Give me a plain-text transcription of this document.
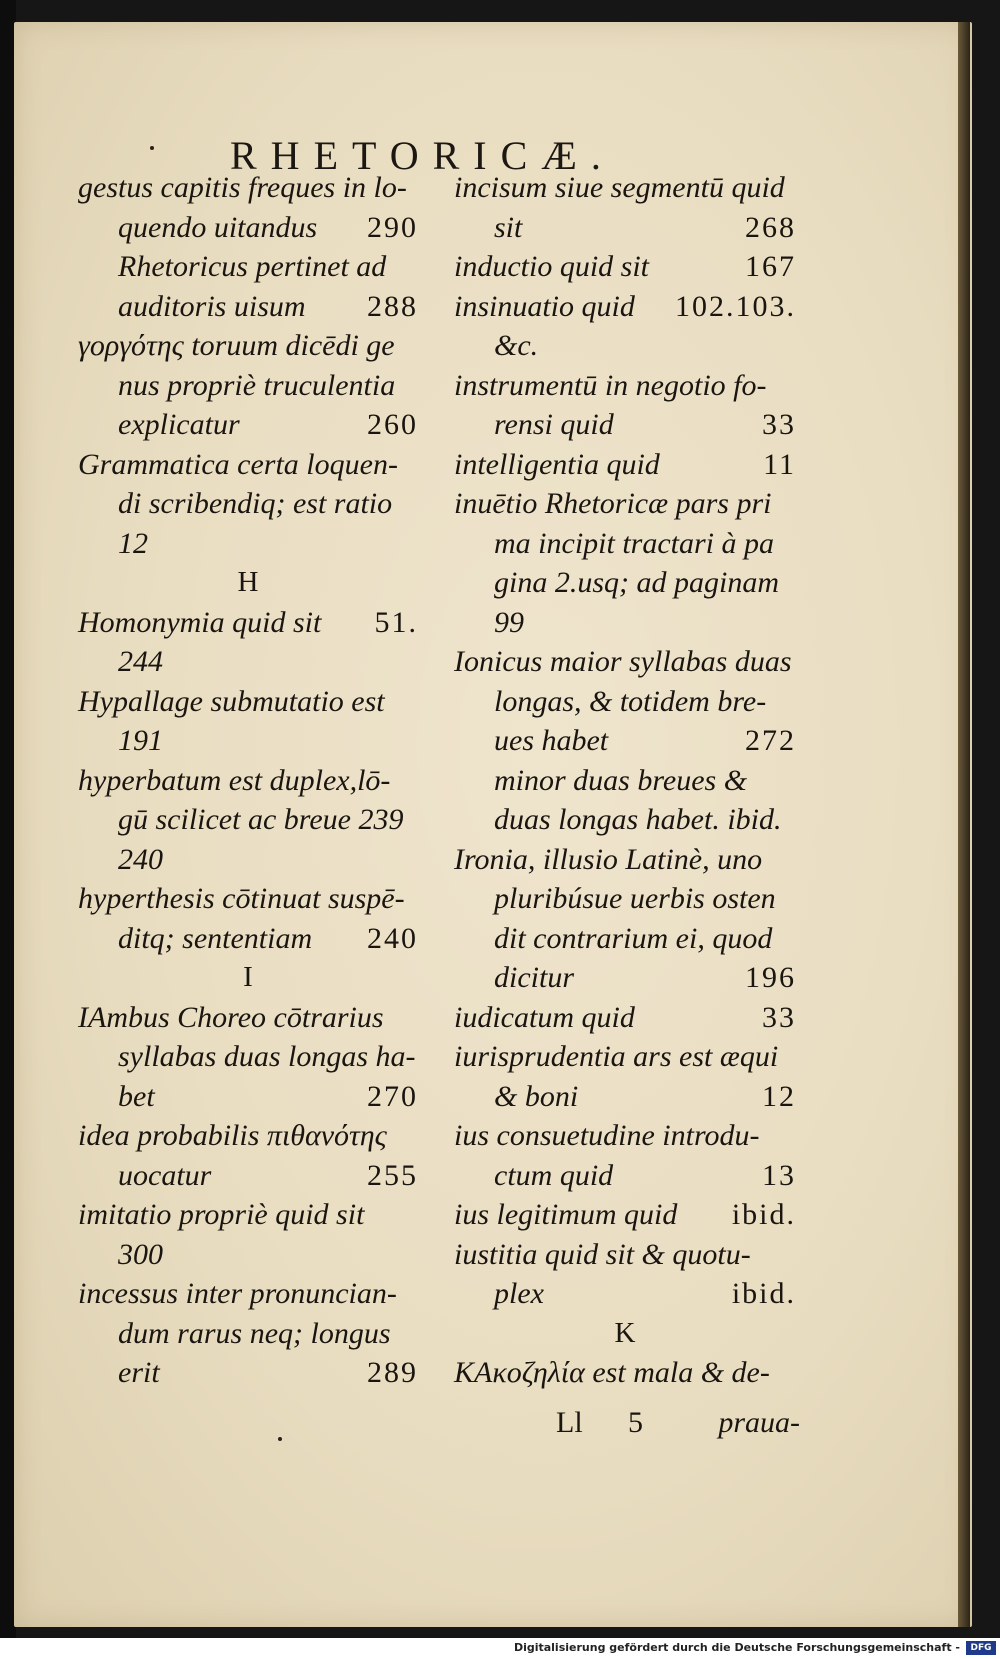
RHETORICÆ.
gestus capitis freques in lo-
quendo uitandus 290
Rhetoricus pertinet ad
auditoris uisum 288
γοργότης toruum dicēdi ge
nus propriè truculentia
explicatur	260
Grammatica certa loquen-
di scribendiq; est ratio
12
H
Homonymia quid sit 51.
244
Hypallage submutatio est
191
hyperbatum est duplex,lō-
gū scilicet ac breue 239
240
hyperthesis cōtinuat suspē-
ditq; sententiam 240
I
IAmbus Choreo cōtrarius
syllabas duas longas ha-
bet	270
idea probabilis πιθανότης
uocatur	255
imitatio propriè quid sit
300
incessus inter pronuncian-
dum rarus neq; longus
erit	289
incisum siue segmentū quid
sit	268
inductio quid sit	167
insinuatio quid 102.103.
&c.
instrumentū in negotio fo-
rensi quid	33
intelligentia quid	11
inuētio Rhetoricæ pars pri
ma incipit tractari à pa
gina 2.usq; ad paginam
99
Ionicus maior syllabas duas
longas, & totidem bre-
ues habet	272
minor duas breues &
duas longas habet. ibid.
Ironia, illusio Latinè, uno
pluribúsue uerbis osten
dit contrarium ei, quod
dicitur	196
iudicatum quid	33
iurisprudentia ars est æqui
& boni	12
ius consuetudine introdu-
ctum quid	13
ius legitimum quid ibid.
iustitia quid sit & quotu-
plex	ibid.
K
KAκοζηλία est mala & de-
Ll 5	praua-
Digitalisierung gefördert durch die Deutsche Forschungsgemeinschaft -	DFG
